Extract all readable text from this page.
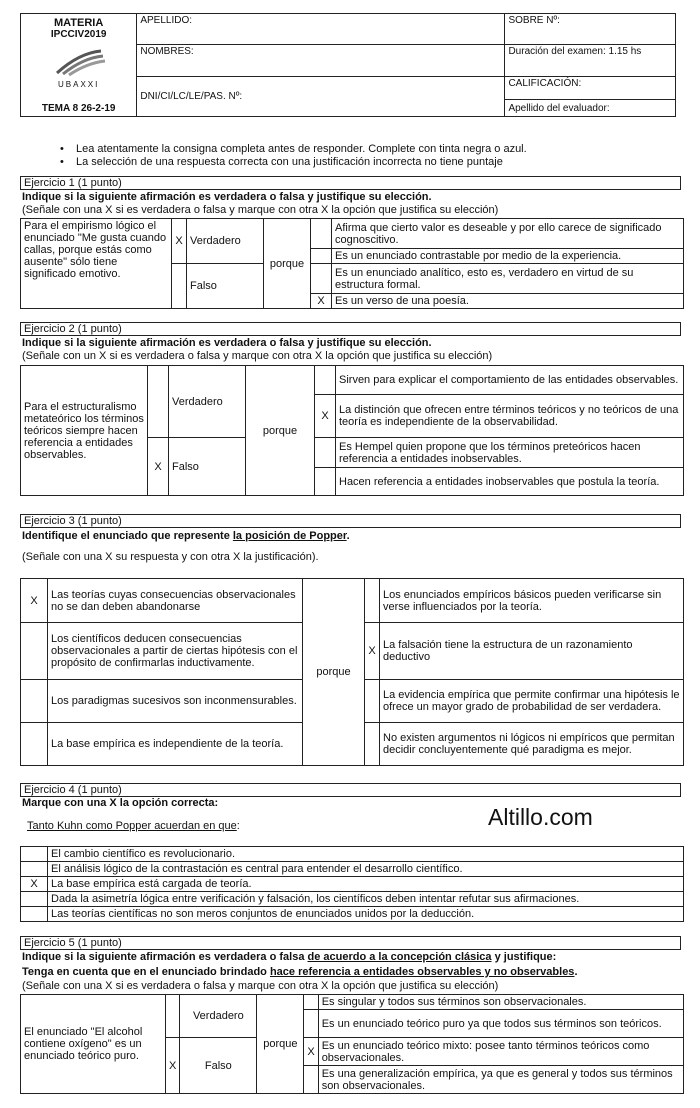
MATERIA
IPCCIV2019
UBAXXI
TEMA 8 26-2-19	APELLIDO:	SOBRE Nº:
	NOMBRES:	Duración del examen: 1.15 hs
	DNI/CI/LC/LE/PAS. Nº:	CALIFICACIÓN:
		Apellido del evaluador:
• Lea atentamente la consigna completa antes de responder. Complete con tinta negra o azul.
• La selección de una respuesta correcta con una justificación incorrecta no tiene puntaje
Ejercicio 1 (1 punto)
Indique si la siguiente afirmación es verdadera o falsa y justifique su elección.
(Señale con una X si es verdadera o falsa y marque con otra X la opción que justifica su elección)
Para el empirismo lógico el enunciado "Me gusta cuando callas, porque estás como ausente" sólo tiene significado emotivo.	X	Verdadero	porque		Afirma que cierto valor es deseable y por ello carece de significado cognoscitivo.
					Es un enunciado contrastable por medio de la experiencia.
		Falso			Es un enunciado analítico, esto es, verdadero en virtud de su estructura formal.
				X	Es un verso de una poesía.
Ejercicio 2 (1 punto)
Indique si la siguiente afirmación es verdadera o falsa y justifique su elección.
(Señale con un X si es verdadera o falsa y marque con otra X la opción que justifica su elección)
Para el estructuralismo metateórico los términos teóricos siempre hacen referencia a entidades observables.		Verdadero	porque		Sirven para explicar el comportamiento de las entidades observables.
				X	La distinción que ofrecen entre términos teóricos y no teóricos de una teoría es independiente de la observabilidad.
	X	Falso			Es Hempel quien propone que los términos preteóricos hacen referencia a entidades inobservables.
					Hacen referencia a entidades inobservables que postula la teoría.
Ejercicio 3 (1 punto)
Identifique el enunciado que represente la posición de Popper.
(Señale con una X su respuesta y con otra X la justificación).
X	Las teorías cuyas consecuencias observacionales no se dan deben abandonarse	porque		Los enunciados empíricos básicos pueden verificarse sin verse influenciados por la teoría.
	Los científicos deducen consecuencias observacionales a partir de ciertas hipótesis con el propósito de confirmarlas inductivamente.		X	La falsación tiene la estructura de un razonamiento deductivo
	Los paradigmas sucesivos son inconmensurables.			La evidencia empírica que permite confirmar una hipótesis le ofrece un mayor grado de probabilidad de ser verdadera.
	La base empírica es independiente de la teoría.			No existen argumentos ni lógicos ni empíricos que permitan decidir concluyentemente qué paradigma es mejor.
Ejercicio 4 (1 punto)
Marque con una X la opción correcta:
Tanto Kuhn como Popper acuerdan en que:	Altillo.com
	El cambio científico es revolucionario.
	El análisis lógico de la contrastación es central para entender el desarrollo científico.
X	La base empírica está cargada de teoría.
	Dada la asimetría lógica entre verificación y falsación, los científicos deben intentar refutar sus afirmaciones.
	Las teorías científicas no son meros conjuntos de enunciados unidos por la deducción.
Ejercicio 5 (1 punto)
Indique si la siguiente afirmación es verdadera o falsa de acuerdo a la concepción clásica y justifique:
Tenga en cuenta que en el enunciado brindado hace referencia a entidades observables y no observables.
(Señale con una X si es verdadera o falsa y marque con otra X la opción que justifica su elección)
El enunciado "El alcohol contiene oxígeno" es un enunciado teórico puro.		Verdadero	porque		Es singular y todos sus términos son observacionales.
					Es un enunciado teórico puro ya que todos sus términos son teóricos.
	X	Falso		X	Es un enunciado teórico mixto: posee tanto términos teóricos como observacionales.
					Es una generalización empírica, ya que es general y todos sus términos son observacionales.
